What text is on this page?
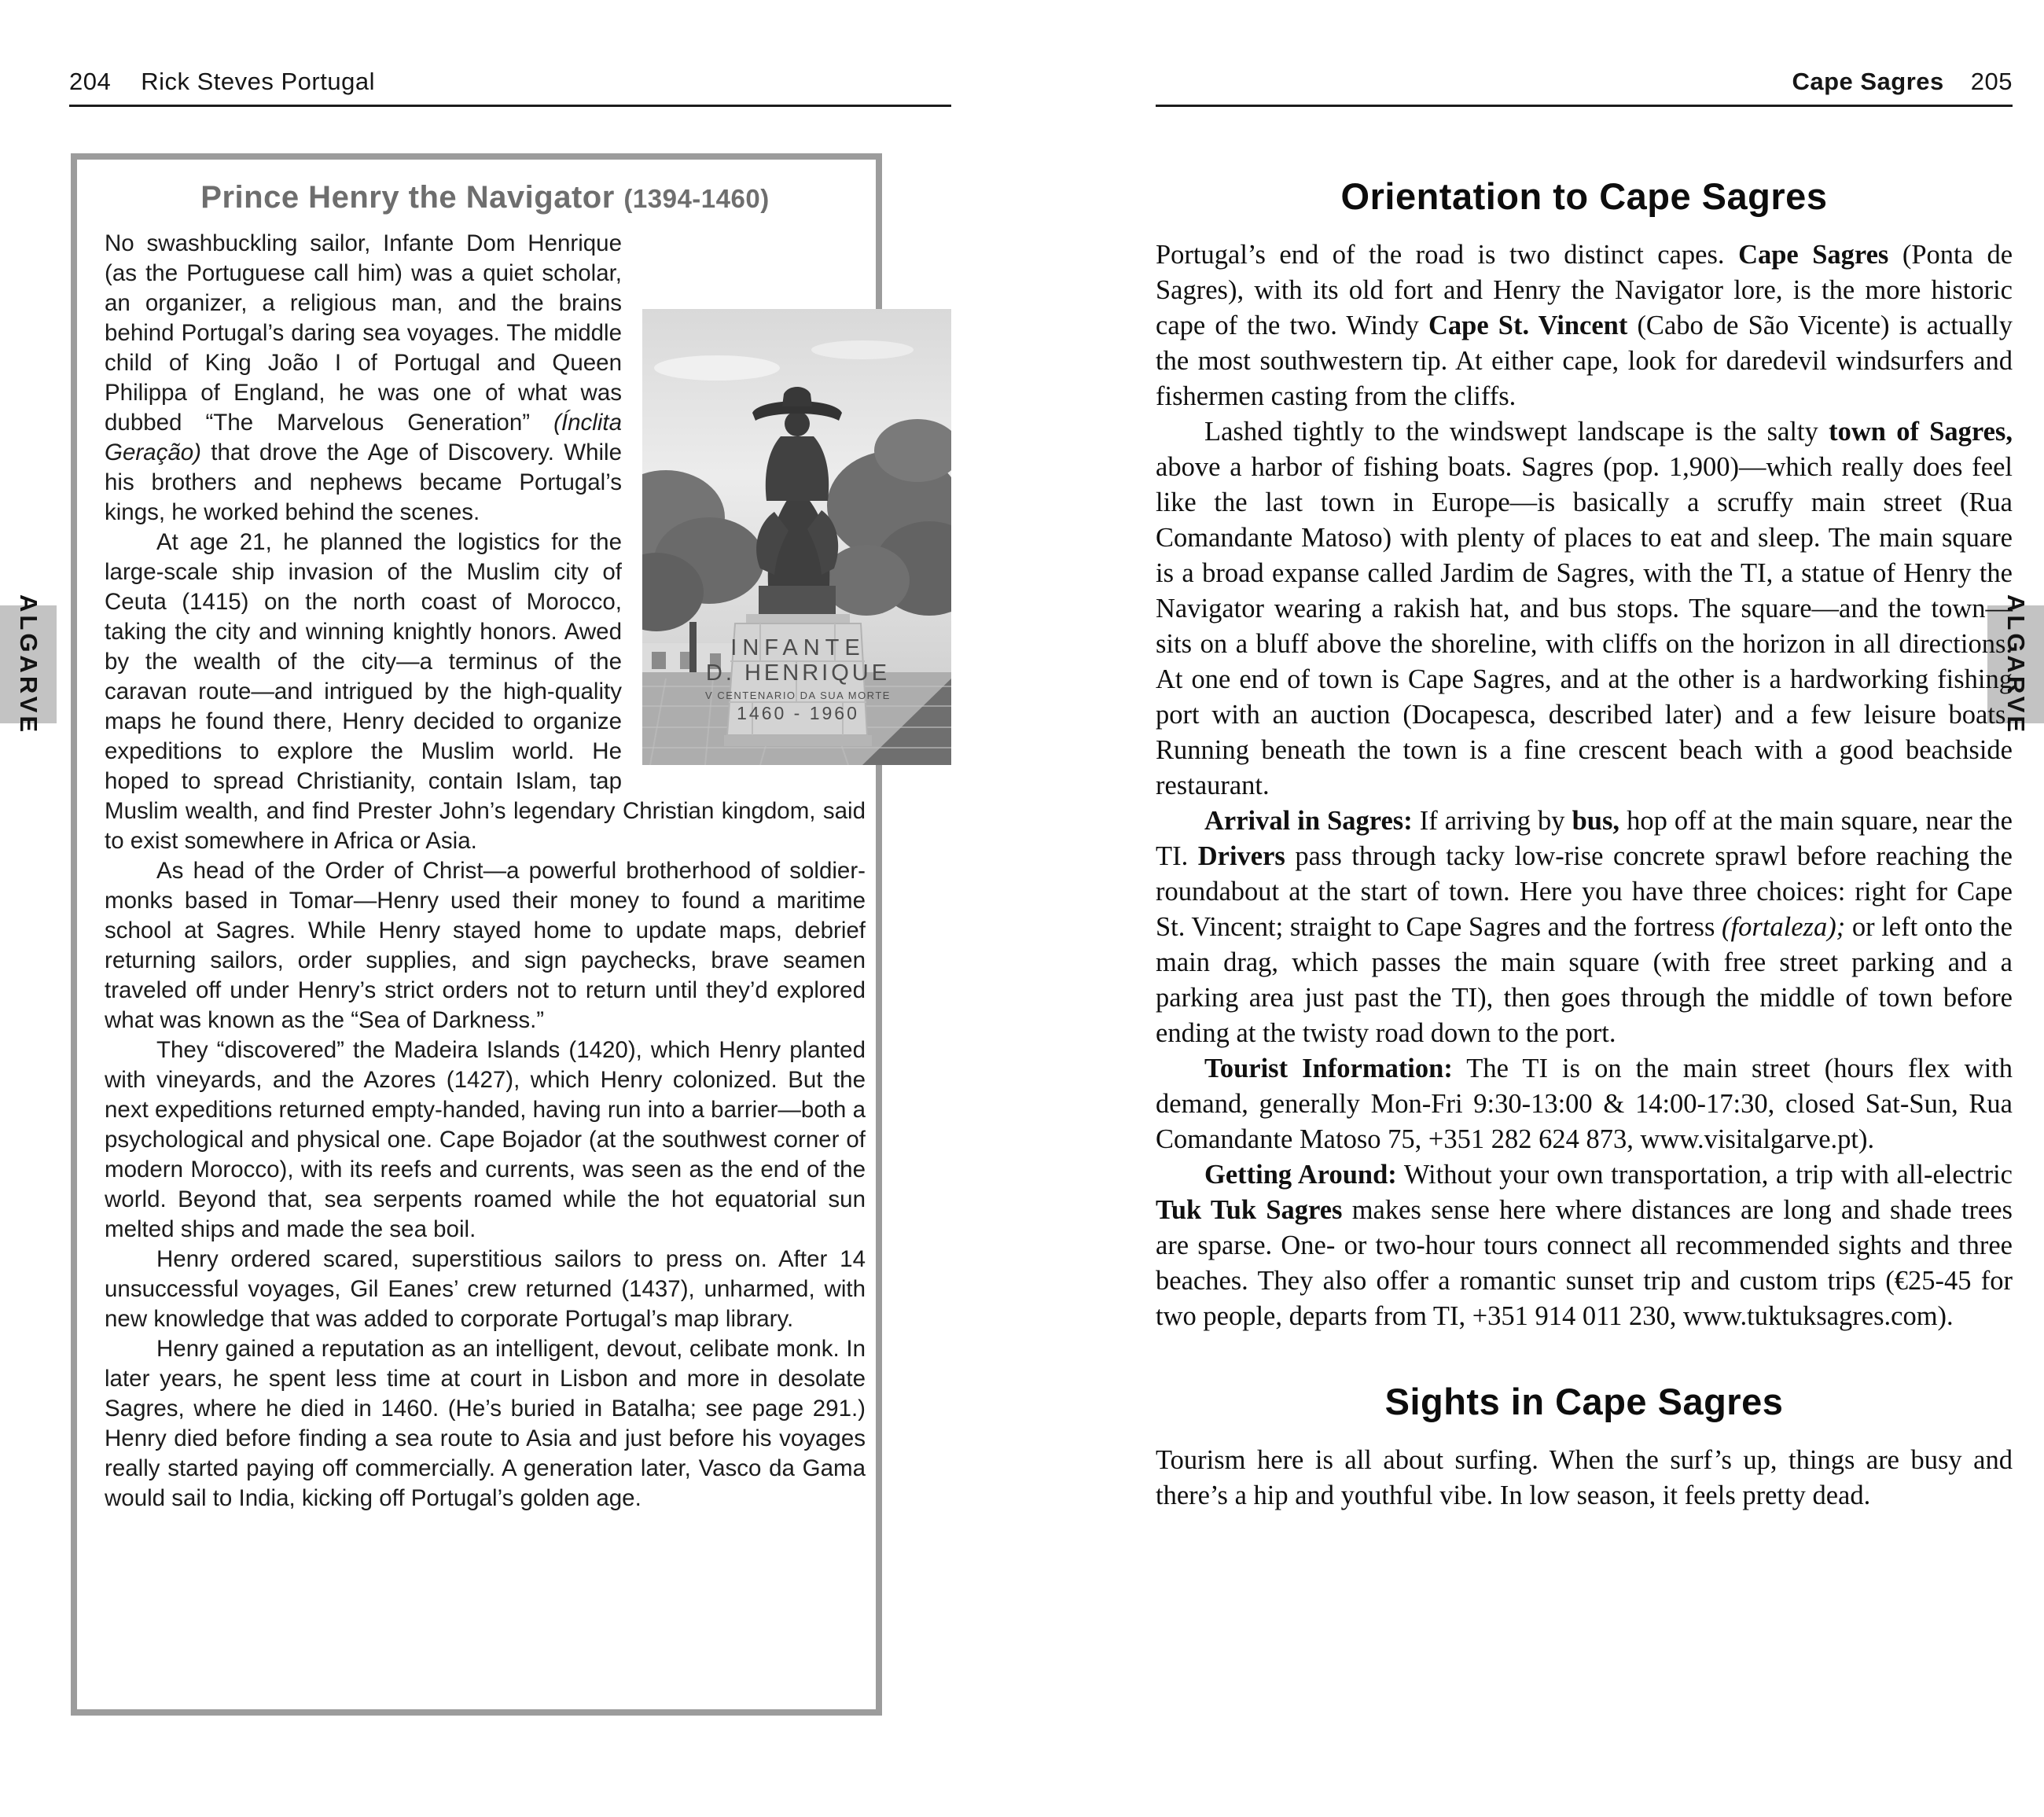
204 Rick Steves Portugal	Cape Sagres 205
ALGARVE	ALGARVE
Prince Henry the Navigator (1394-1460)
INFANTE
D. HENRIQUE
V CENTENARIO DA SUA MORTE
1460 - 1960

No swashbuckling sailor, Infante Dom Henrique (as the Portuguese call him) was a quiet scholar, an organizer, a religious man, and the brains behind Portugal’s daring sea voyages. The middle child of King João I of Portugal and Queen Philippa of England, he was one of what was dubbed “The Marvelous Generation” (Ínclita Geração) that drove the Age of Discovery. While his brothers and nephews became Portugal’s kings, he worked behind the scenes.

At age 21, he planned the logistics for the large-scale ship invasion of the Muslim city of Ceuta (1415) on the north coast of Morocco, taking the city and winning knightly honors. Awed by the wealth of the city—a terminus of the caravan route—and intrigued by the high-quality maps he found there, Henry decided to organize expeditions to explore the Muslim world. He hoped to spread Christianity, contain Islam, tap Muslim wealth, and find Prester John’s legendary Christian kingdom, said to exist somewhere in Africa or Asia.

As head of the Order of Christ—a powerful brotherhood of soldier-monks based in Tomar—Henry used their money to found a maritime school at Sagres. While Henry stayed home to update maps, debrief returning sailors, order supplies, and sign paychecks, brave seamen traveled off under Henry’s strict orders not to return until they’d explored what was known as the “Sea of Darkness.”

They “discovered” the Madeira Islands (1420), which Henry planted with vineyards, and the Azores (1427), which Henry colonized. But the next expeditions returned empty-handed, having run into a barrier—both a psychological and physical one. Cape Bojador (at the southwest corner of modern Morocco), with its reefs and currents, was seen as the end of the world. Beyond that, sea serpents roamed while the hot equatorial sun melted ships and made the sea boil.

Henry ordered scared, superstitious sailors to press on. After 14 unsuccessful voyages, Gil Eanes’ crew returned (1437), unharmed, with new knowledge that was added to corporate Portugal’s map library.

Henry gained a reputation as an intelligent, devout, celibate monk. In later years, he spent less time at court in Lisbon and more in desolate Sagres, where he died in 1460. (He’s buried in Batalha; see page 291.) Henry died before finding a sea route to Asia and just before his voyages really started paying off commercially. A generation later, Vasco da Gama would sail to India, kicking off Portugal’s golden age.

Orientation to Cape Sagres

Portugal’s end of the road is two distinct capes. Cape Sagres (Ponta de Sagres), with its old fort and Henry the Navigator lore, is the more historic cape of the two. Windy Cape St. Vincent (Cabo de São Vicente) is actually the most southwestern tip. At either cape, look for daredevil windsurfers and fishermen casting from the cliffs.

Lashed tightly to the windswept landscape is the salty town of Sagres, above a harbor of fishing boats. Sagres (pop. 1,900)—which really does feel like the last town in Europe—is basically a scruffy main street (Rua Comandante Matoso) with plenty of places to eat and sleep. The main square is a broad expanse called Jardim de Sagres, with the TI, a statue of Henry the Navigator wearing a rakish hat, and bus stops. The square—and the town—sits on a bluff above the shoreline, with cliffs on the horizon in all directions. At one end of town is Cape Sagres, and at the other is a hardworking fishing port with an auction (Docapesca, described later) and a few leisure boats. Running beneath the town is a fine crescent beach with a good beachside restaurant.

Arrival in Sagres: If arriving by bus, hop off at the main square, near the TI. Drivers pass through tacky low-rise concrete sprawl before reaching the roundabout at the start of town. Here you have three choices: right for Cape St. Vincent; straight to Cape Sagres and the fortress (fortaleza); or left onto the main drag, which passes the main square (with free street parking and a parking area just past the TI), then goes through the middle of town before ending at the twisty road down to the port.

Tourist Information: The TI is on the main street (hours flex with demand, generally Mon-Fri 9:30-13:00 & 14:00-17:30, closed Sat-Sun, Rua Comandante Matoso 75, +351 282 624 873, www.visitalgarve.pt).

Getting Around: Without your own transportation, a trip with all-electric Tuk Tuk Sagres makes sense here where distances are long and shade trees are sparse. One- or two-hour tours connect all recommended sights and three beaches. They also offer a romantic sunset trip and custom trips (€25-45 for two people, departs from TI, +351 914 011 230, www.tuktuksagres.com).

Sights in Cape Sagres

Tourism here is all about surfing. When the surf’s up, things are busy and there’s a hip and youthful vibe. In low season, it feels pretty dead.
